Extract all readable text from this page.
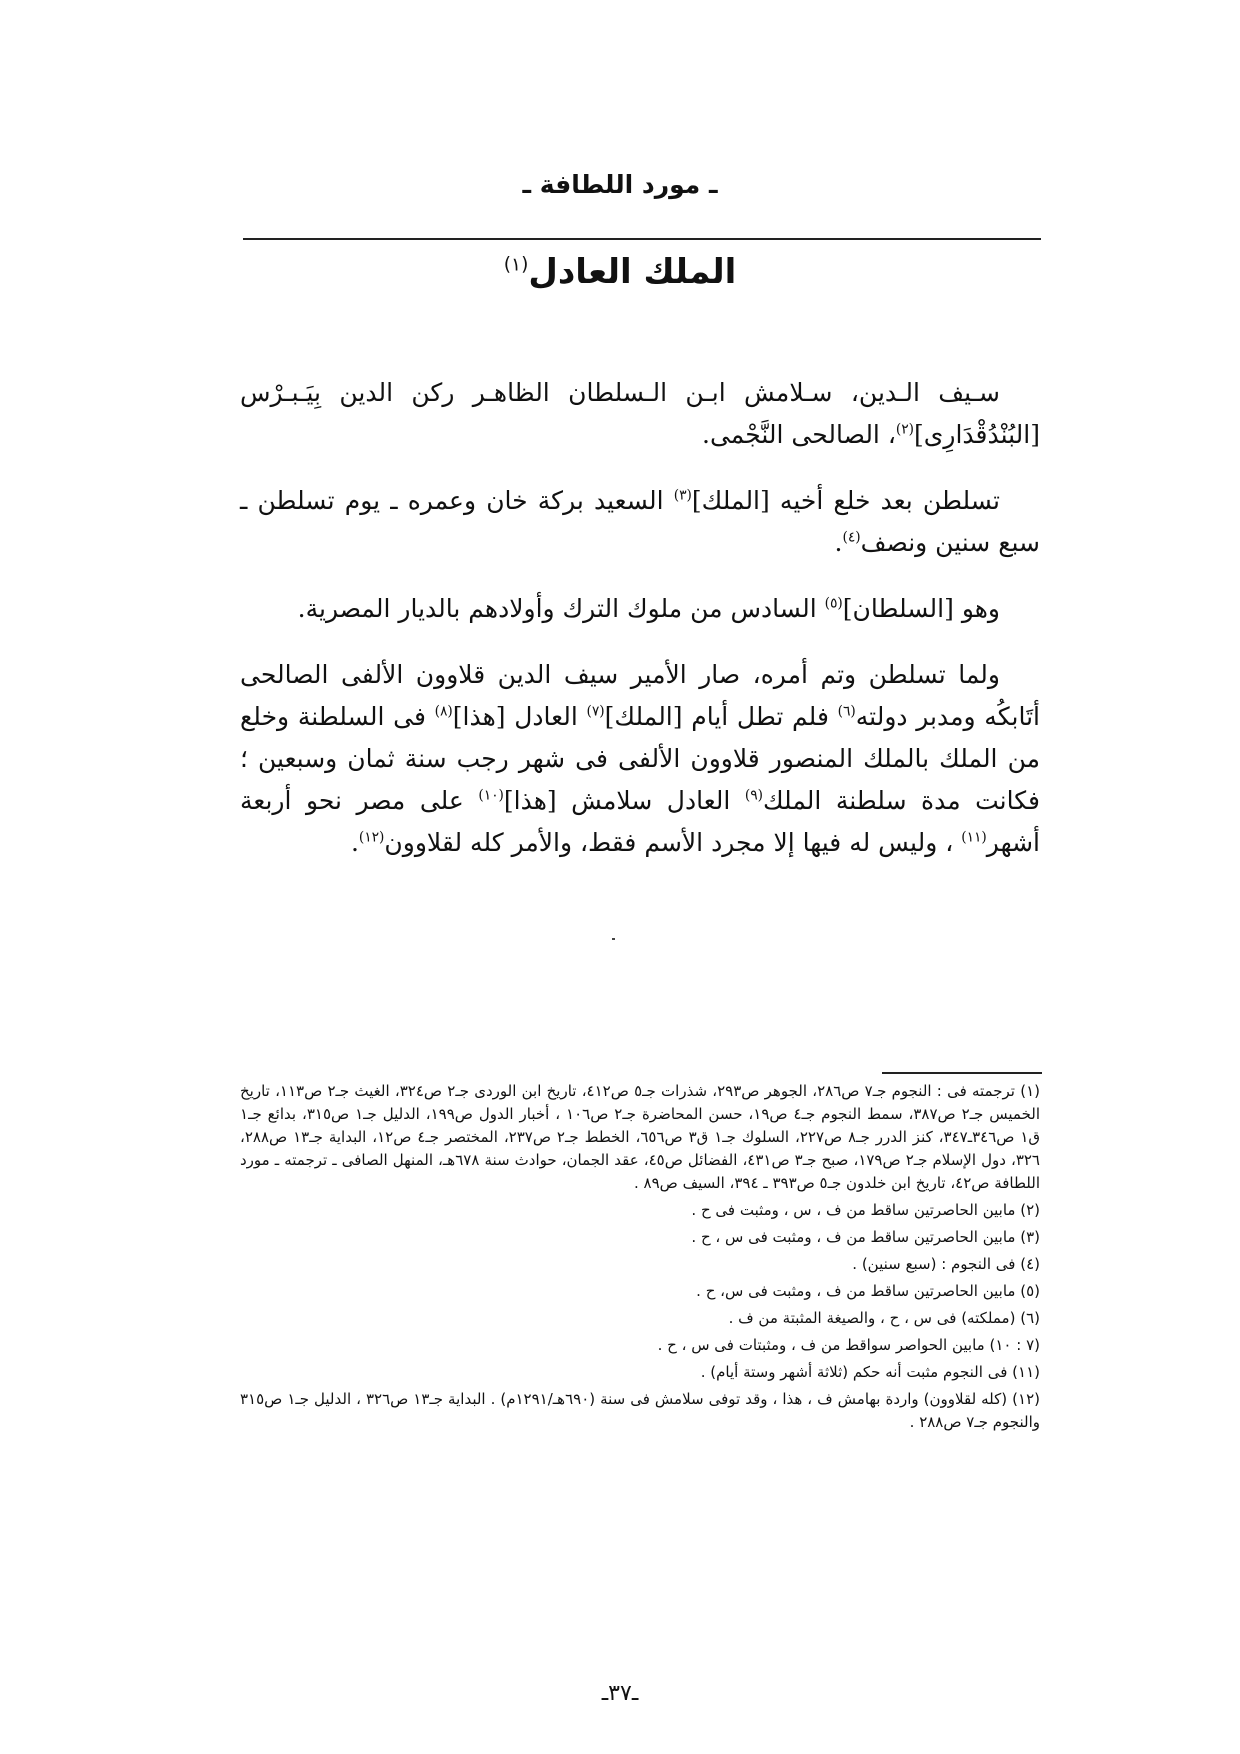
ـ مورد اللطافة ـ
الملك العادل$^{(١)}$

سـيف الـدين، سـلامش ابـن الـسلطان الظاهـر ركن الدين بِيَـبـرْس [البُنْدُقْدَارِى]$^{(٢)}$، الصالحى النَّجْمى.

تسلطن بعد خلع أخيه [الملك]$^{(٣)}$ السعيد بركة خان وعمره ـ يوم تسلطن ـ سبع سنين ونصف$^{(٤)}$.

وهو [السلطان]$^{(٥)}$ السادس من ملوك الترك وأولادهم بالديار المصرية.

ولما تسلطن وتم أمره، صار الأمير سيف الدين قلاوون الألفى الصالحى أتَابكُه ومدبر دولته$^{(٦)}$ فلم تطل أيام [الملك]$^{(٧)}$ العادل [هذا]$^{(٨)}$ فى السلطنة وخلع من الملك بالملك المنصور قلاوون الألفى فى شهر رجب سنة ثمان وسبعين ؛ فكانت مدة سلطنة الملك$^{(٩)}$ العادل سلامش [هذا]$^{(١٠)}$ على مصر نحو أربعة أشهر$^{(١١)}$ ، وليس له فيها إلا مجرد الأسم فقط، والأمر كله لقلاوون$^{(١٢)}$.

(١) ترجمته فى : النجوم جـ٧ ص٢٨٦، الجوهر ص٢٩٣، شذرات جـ٥ ص٤١٢، تاريخ ابن الوردى جـ٢ ص٣٢٤، الغيث جـ٢ ص١١٣، تاريخ الخميس جـ٢ ص٣٨٧، سمط النجوم جـ٤ ص١٩، حسن المحاضرة جـ٢ ص١٠٦ ، أخبار الدول ص١٩٩، الدليل جـ١ ص٣١٥، بدائع جـ١ ق١ ص٣٤٦ـ٣٤٧، كنز الدرر جـ٨ ص٢٢٧، السلوك جـ١ ق٣ ص٦٥٦، الخطط جـ٢ ص٢٣٧، المختصر جـ٤ ص١٢، البداية جـ١٣ ص٢٨٨، ٣٢٦، دول الإسلام جـ٢ ص١٧٩، صبح جـ٣ ص٤٣١، الفضائل ص٤٥، عقد الجمان، حوادث سنة ٦٧٨هـ، المنهل الصافى ـ ترجمته ـ مورد اللطافة ص٤٢، تاريخ ابن خلدون جـ٥ ص٣٩٣ ـ ٣٩٤، السيف ص٨٩ .
(٢) مابين الحاصرتين ساقط من ف ، س ، ومثبت فى ح .
(٣) مابين الحاصرتين ساقط من ف ، ومثبت فى س ، ح .
(٤) فى النجوم : (سبع سنين) .
(٥) مابين الحاصرتين ساقط من ف ، ومثبت فى س، ح .
(٦) (مملكته) فى س ، ح ، والصيغة المثبتة من ف .
(٧ : ١٠) مابين الحواصر سواقط من ف ، ومثبتات فى س ، ح .
(١١) فى النجوم مثبت أنه حكم (ثلاثة أشهر وستة أيام) .
(١٢) (كله لقلاوون) واردة بهامش ف ، هذا ، وقد توفى سلامش فى سنة (٦٩٠هـ/١٢٩١م) . البداية جـ١٣ ص٣٢٦ ، الدليل جـ١ ص٣١٥ والنجوم جـ٧ ص٢٨٨ .
ـ٣٧ـ
